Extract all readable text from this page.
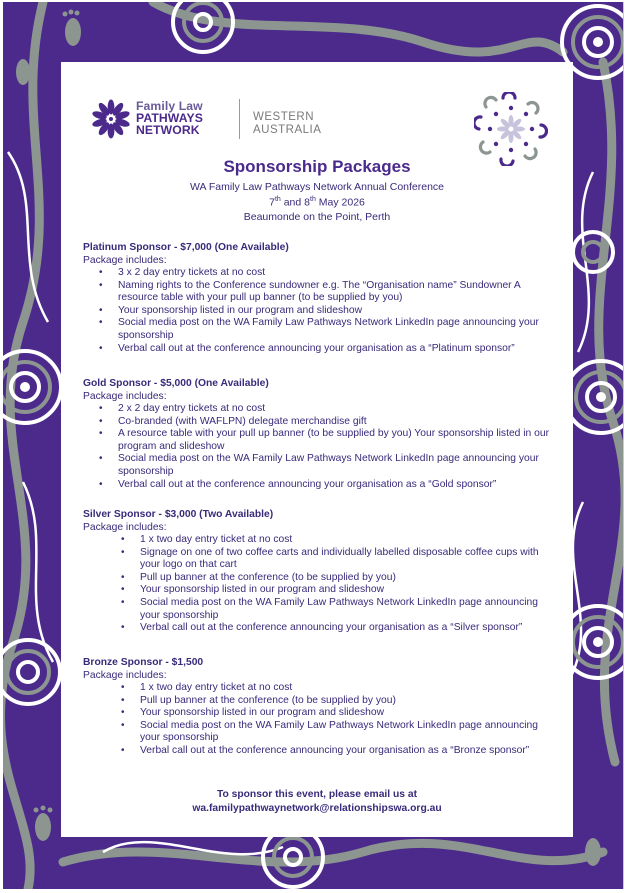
Family Law
PATHWAYS
NETWORK
WESTERN
AUSTRALIA
Sponsorship Packages
WA Family Law Pathways Network Annual Conference
7th and 8th May 2026
Beaumonde on the Point, Perth

Platinum Sponsor - $7,000 (One Available)

Package includes:

• 3 x 2 day entry tickets at no cost
• Naming rights to the Conference sundowner e.g. The “Organisation name” Sundowner A resource table with your pull up banner (to be supplied by you)
• Your sponsorship listed in our program and slideshow
• Social media post on the WA Family Law Pathways Network LinkedIn page announcing your sponsorship
• Verbal call out at the conference announcing your organisation as a “Platinum sponsor”

Gold Sponsor - $5,000 (One Available)

Package includes:

• 2 x 2 day entry tickets at no cost
• Co-branded (with WAFLPN) delegate merchandise gift
• A resource table with your pull up banner (to be supplied by you) Your sponsorship listed in our program and slideshow
• Social media post on the WA Family Law Pathways Network LinkedIn page announcing your sponsorship
• Verbal call out at the conference announcing your organisation as a “Gold sponsor”

Silver Sponsor - $3,000 (Two Available)

Package includes:

• 1 x two day entry ticket at no cost
• Signage on one of two coffee carts and individually labelled disposable coffee cups with your logo on that cart
• Pull up banner at the conference (to be supplied by you)
• Your sponsorship listed in our program and slideshow
• Social media post on the WA Family Law Pathways Network LinkedIn page announcing your sponsorship
• Verbal call out at the conference announcing your organisation as a “Silver sponsor”

Bronze Sponsor - $1,500

Package includes:

• 1 x two day entry ticket at no cost
• Pull up banner at the conference (to be supplied by you)
• Your sponsorship listed in our program and slideshow
• Social media post on the WA Family Law Pathways Network LinkedIn page announcing your sponsorship
• Verbal call out at the conference announcing your organisation as a “Bronze sponsor”
To sponsor this event, please email us at
wa.familypathwaynetwork@relationshipswa.org.au
